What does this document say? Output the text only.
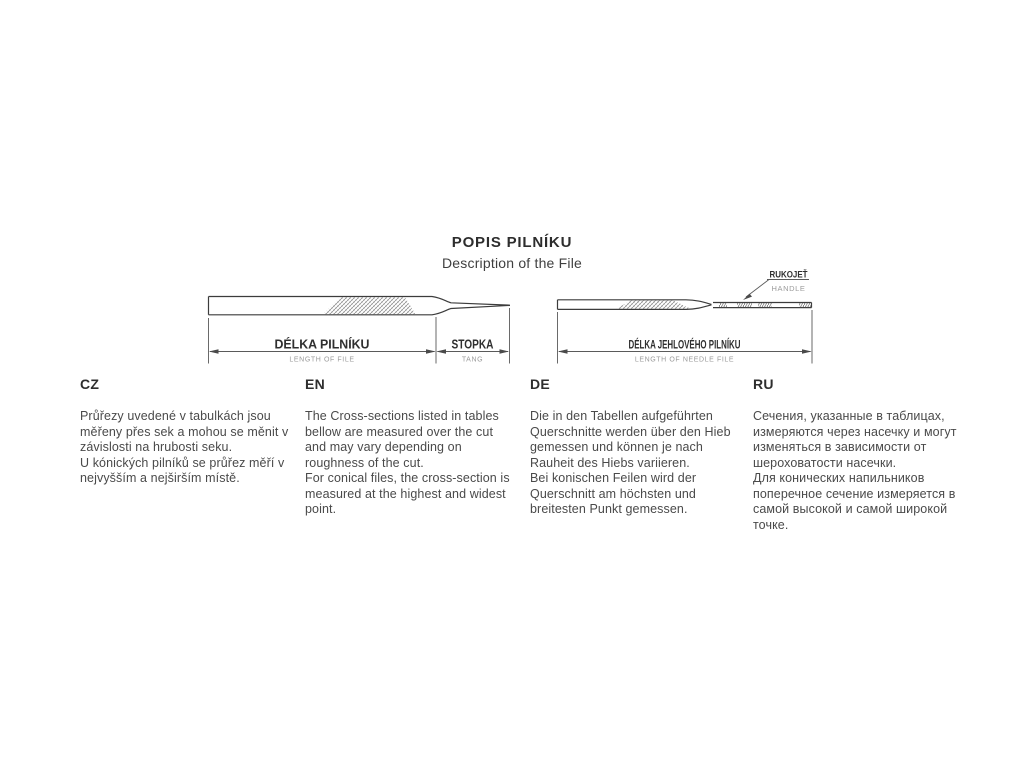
POPIS PILNÍKU
Description of the File
DÉLKA PILNÍKU
LENGTH OF FILE
STOPKA
TANG
RUKOJEŤ
HANDLE
DÉLKA JEHLOVÉHO PILNÍKU
LENGTH OF NEEDLE FILE
CZ

Průřezy uvedené v tabulkách jsou měřeny přes sek a mohou se měnit v závislosti na hrubosti seku.

U kónických pilníků se průřez měří v nejvyšším a nejširším místě.

EN

The Cross-sections listed in tables bellow are measured over the cut and may vary depending on roughness of the cut.

For conical files, the cross-section is measured at the highest and widest point.

DE

Die in den Tabellen aufgeführten Querschnitte werden über den Hieb gemessen und können je nach Rauheit des Hiebs variieren.

Bei konischen Feilen wird der Querschnitt am höchsten und breitesten Punkt gemessen.

RU

Сечения, указанные в таблицах, измеряются через насечку и могут изменяться в зависимости от шероховатости насечки.

Для конических напильников поперечное сечение измеряется в самой высокой и самой широкой точке.
